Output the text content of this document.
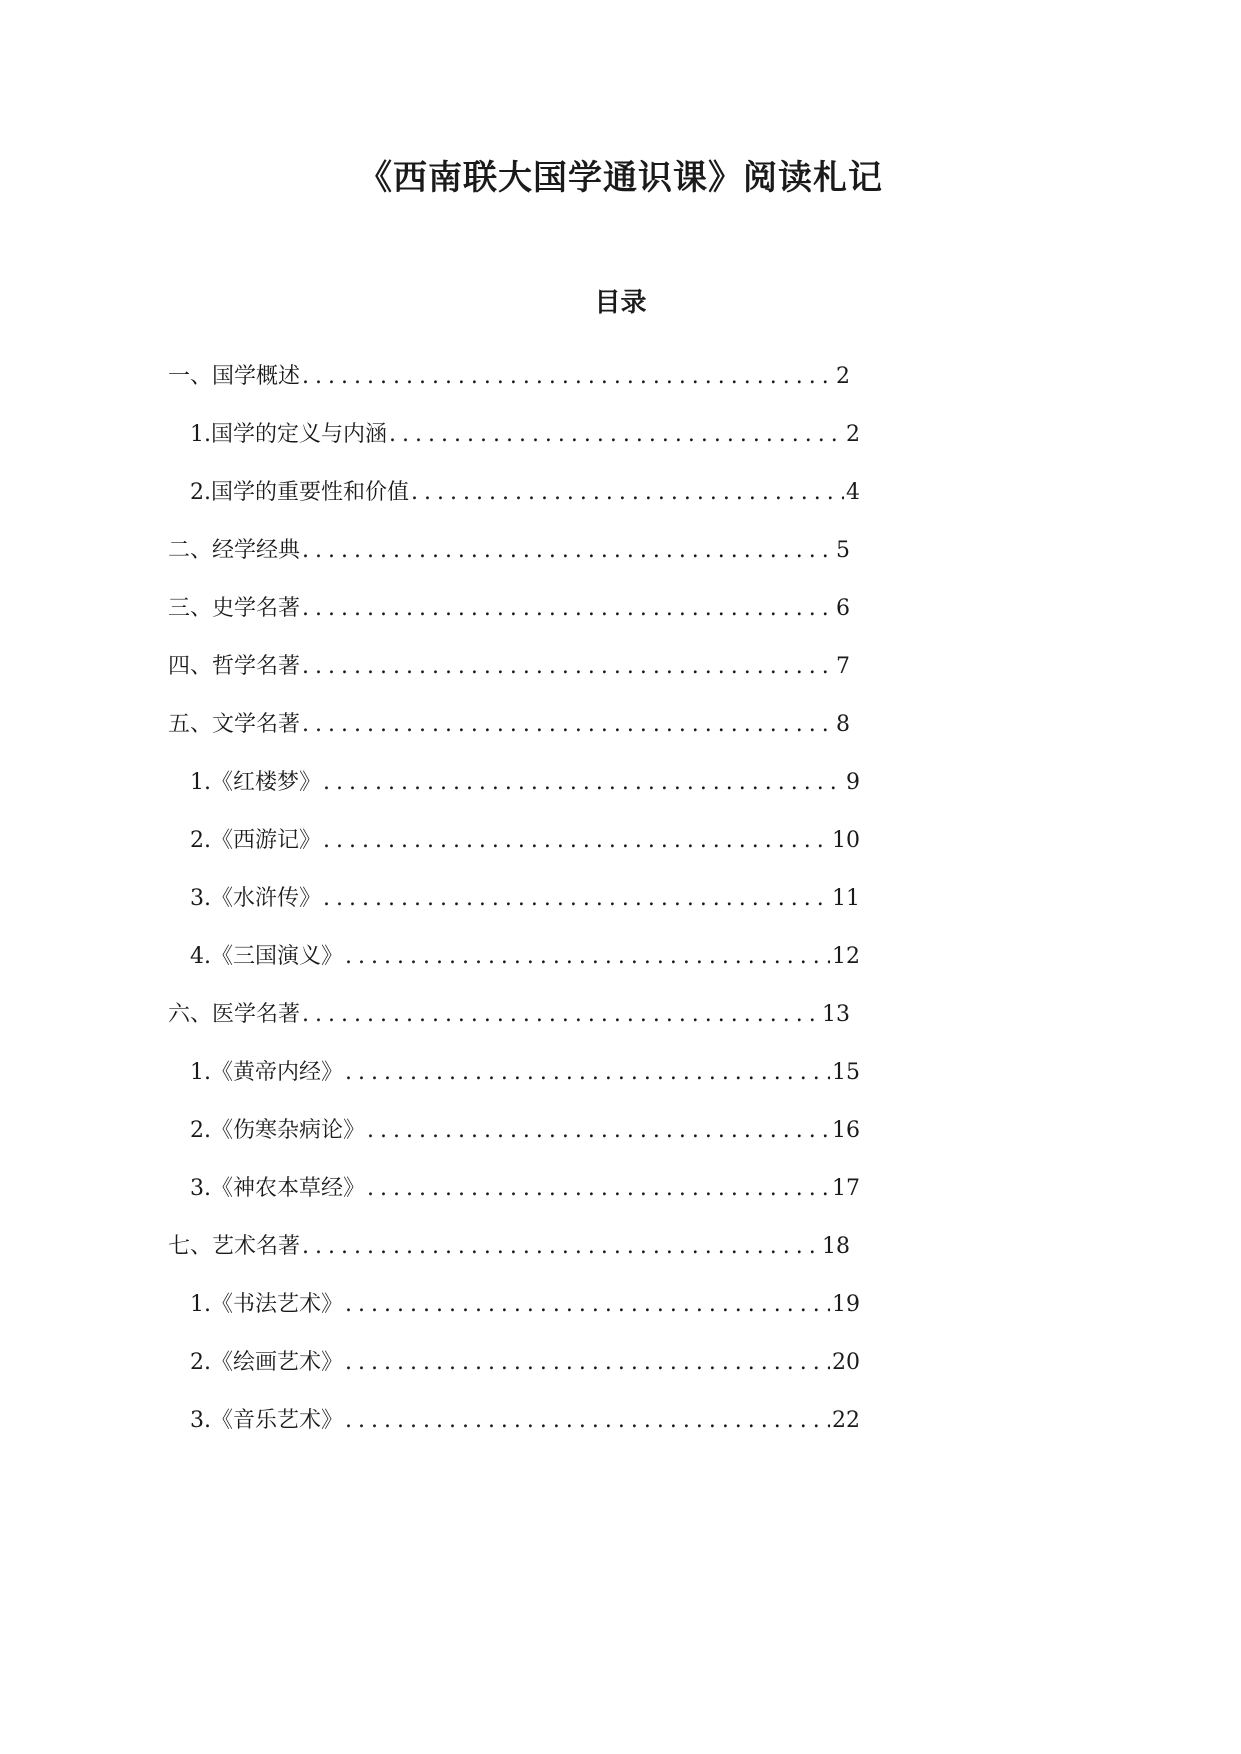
《西南联大国学通识课》阅读札记
目录
一、国学概述 .....	2
1. 国学的定义与内涵 .....	2
2. 国学的重要性和价值 .....	4
二、经学经典 .....	5
三、史学名著 .....	6
四、哲学名著 .....	7
五、文学名著 .....	8
1. 《红楼梦》 .....	9
2. 《西游记》 .....	10
3. 《水浒传》 .....	11
4. 《三国演义》 .....	12
六、医学名著 .....	13
1. 《黄帝内经》 .....	15
2. 《伤寒杂病论》 .....	16
3. 《神农本草经》 .....	17
七、艺术名著 .....	18
1. 《书法艺术》 .....	19
2. 《绘画艺术》 .....	20
3. 《音乐艺术》 .....	22
